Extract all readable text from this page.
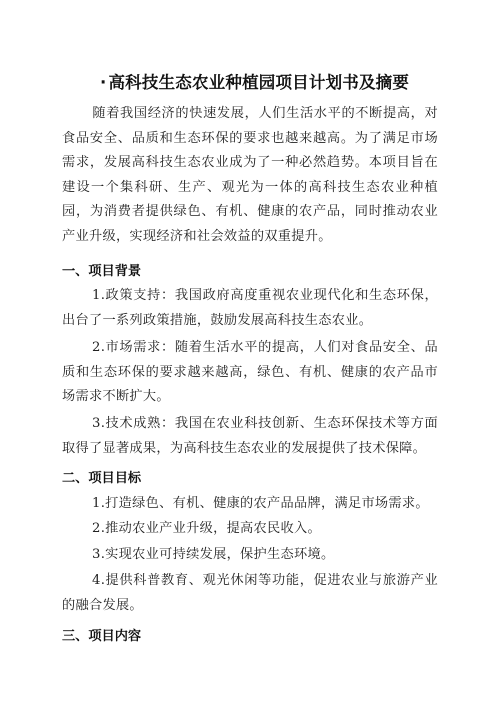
· 高科技生态农业种植园项目计划书及摘要
随着我国经济的快速发展，人们生活水平的不断提高，对食品安全、品质和生态环保的要求也越来越高。为了满足市场需求，发展高科技生态农业成为了一种必然趋势。本项目旨在建设一个集科研、生产、观光为一体的高科技生态农业种植园，为消费者提供绿色、有机、健康的农产品，同时推动农业产业升级，实现经济和社会效益的双重提升。
一、项目背景
1.政策支持：我国政府高度重视农业现代化和生态环保，出台了一系列政策措施，鼓励发展高科技生态农业。
2.市场需求：随着生活水平的提高，人们对食品安全、品质和生态环保的要求越来越高，绿色、有机、健康的农产品市场需求不断扩大。
3.技术成熟：我国在农业科技创新、生态环保技术等方面取得了显著成果，为高科技生态农业的发展提供了技术保障。
二、项目目标
1.打造绿色、有机、健康的农产品品牌，满足市场需求。
2.推动农业产业升级，提高农民收入。
3.实现农业可持续发展，保护生态环境。
4.提供科普教育、观光休闲等功能，促进农业与旅游产业的融合发展。
三、项目内容
